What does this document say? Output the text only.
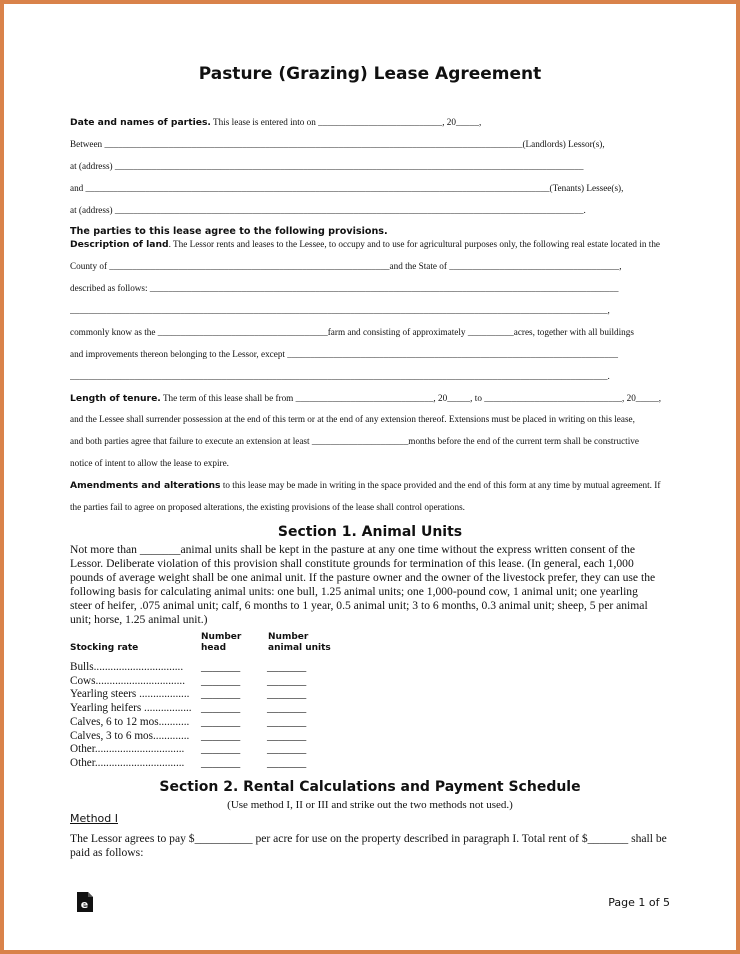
Pasture (Grazing) Lease Agreement
Date and names of parties. This lease is entered into on ___________________________, 20_____,
Between ___________________________________________________________________________________________(Landlords) Lessor(s),
at (address) ______________________________________________________________________________________________________
and _____________________________________________________________________________________________________(Tenants) Lessee(s),
at (address) ______________________________________________________________________________________________________.
The parties to this lease agree to the following provisions.
Description of land. The Lessor rents and leases to the Lessee, to occupy and to use for agricultural purposes only, the following real estate located in the
County of _____________________________________________________________and the State of _____________________________________,
described as follows: ______________________________________________________________________________________________________
_____________________________________________________________________________________________________________________,
commonly know as the _____________________________________farm and consisting of approximately __________acres, together with all buildings
and improvements thereon belonging to the Lessor, except ________________________________________________________________________
_____________________________________________________________________________________________________________________.
Length of tenure. The term of this lease shall be from ______________________________, 20_____, to ______________________________, 20_____,
and the Lessee shall surrender possession at the end of this term or at the end of any extension thereof. Extensions must be placed in writing on this lease,
and both parties agree that failure to execute an extension at least _____________________months before the end of the current term shall be constructive
notice of intent to allow the lease to expire.
Amendments and alterations to this lease may be made in writing in the space provided and the end of this form at any time by mutual agreement. If
the parties fail to agree on proposed alterations, the existing provisions of the lease shall control operations.
Section 1. Animal Units
Not more than _______animal units shall be kept in the pasture at any one time without the express written consent of the Lessor. Deliberate violation of this provision shall constitute grounds for termination of this lease. (In general, each 1,000 pounds of average weight shall be one animal unit. If the pasture owner and the owner of the livestock prefer, they can use the following basis for calculating animal units: one bull, 1.25 animal units; one 1,000-pound cow, 1 animal unit; one yearling steer of heifer, .075 animal unit; calf, 6 months to 1 year, 0.5 animal unit; 3 to 6 months, 0.3 animal unit; sheep, 5 per animal unit; horse, 1.25 animal unit.)
Stocking rate
Number head
Number animal units
Bulls................................ _______ _______
Cows................................ _______ _______
Yearling steers .................. _______ _______
Yearling heifers ................. _______ _______
Calves, 6 to 12 mos........... _______ _______
Calves, 3 to 6 mos............. _______ _______
Other................................ _______ _______
Other................................ _______ _______
Section 2. Rental Calculations and Payment Schedule
(Use method I, II or III and strike out the two methods not used.)
Method I
The Lessor agrees to pay $__________ per acre for use on the property described in paragraph I. Total rent of $_______ shall be paid as follows:
e	Page 1 of 5
